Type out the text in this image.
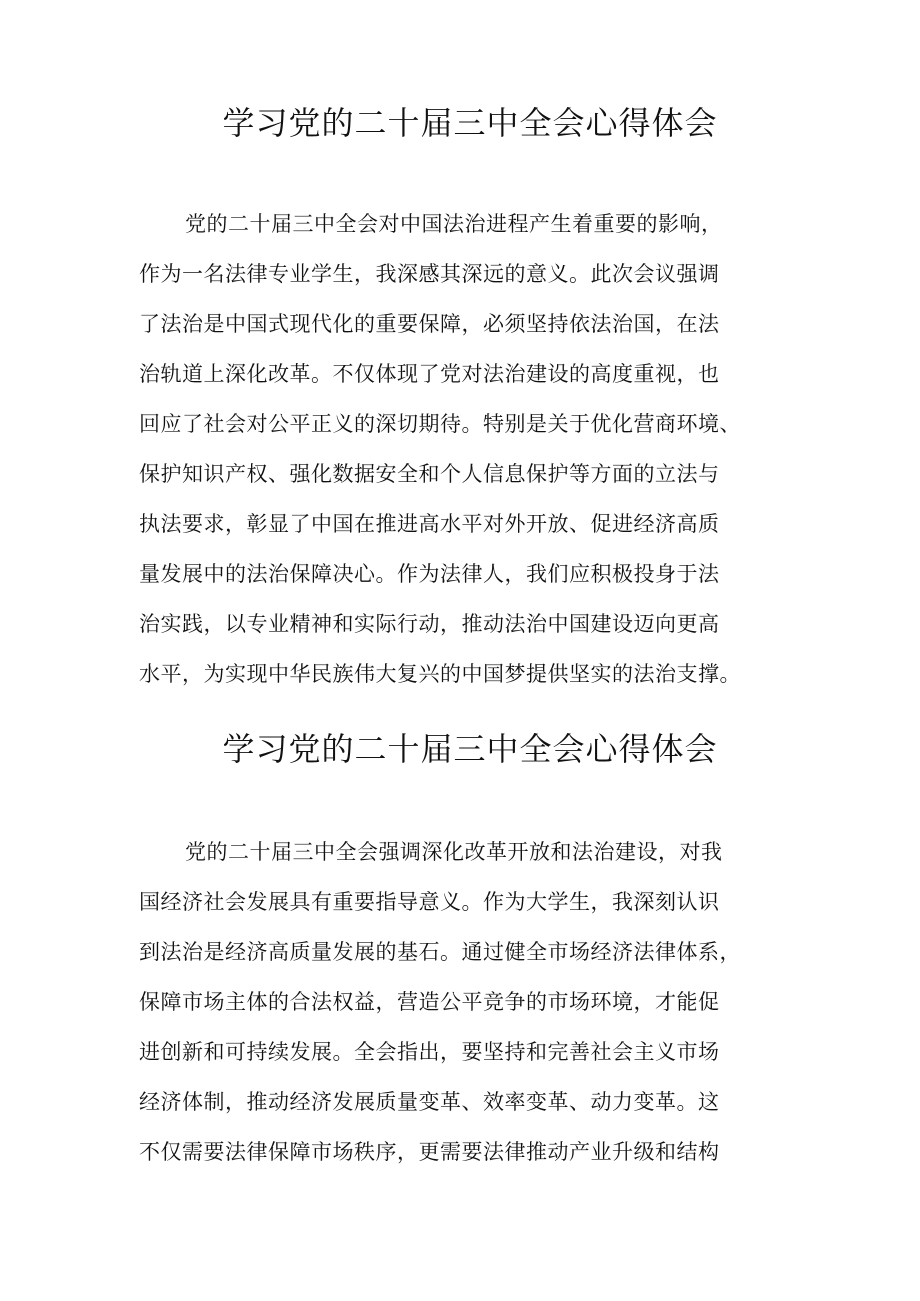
学习党的二十届三中全会心得体会
党的二十届三中全会对中国法治进程产生着重要的影响，
作为一名法律专业学生，我深感其深远的意义。此次会议强调
了法治是中国式现代化的重要保障，必须坚持依法治国，在法
治轨道上深化改革。不仅体现了党对法治建设的高度重视，也
回应了社会对公平正义的深切期待。特别是关于优化营商环境、
保护知识产权、强化数据安全和个人信息保护等方面的立法与
执法要求，彰显了中国在推进高水平对外开放、促进经济高质
量发展中的法治保障决心。作为法律人，我们应积极投身于法
治实践，以专业精神和实际行动，推动法治中国建设迈向更高
水平，为实现中华民族伟大复兴的中国梦提供坚实的法治支撑。
学习党的二十届三中全会心得体会
党的二十届三中全会强调深化改革开放和法治建设，对我
国经济社会发展具有重要指导意义。作为大学生，我深刻认识
到法治是经济高质量发展的基石。通过健全市场经济法律体系，
保障市场主体的合法权益，营造公平竞争的市场环境，才能促
进创新和可持续发展。全会指出，要坚持和完善社会主义市场
经济体制，推动经济发展质量变革、效率变革、动力变革。这
不仅需要法律保障市场秩序，更需要法律推动产业升级和结构
